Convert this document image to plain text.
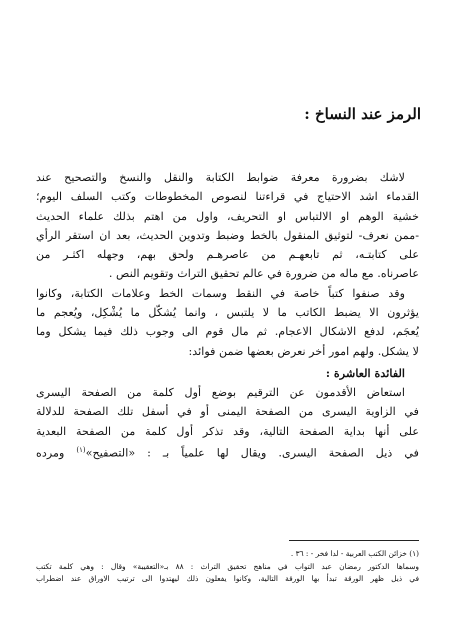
الرمز عند النساخ :
لاشك بضرورة معرفة ضوابط الكتابة والنقل والنسخ والتصحيح عند
القدماء اشد الاحتياج في قراءتنا لنصوص المخطوطات وكتب السلف اليوم؛
خشية الوهم او الالتباس او التحريف، واول من اهتم بذلك علماء الحديث
-ممن نعرف- لتوثيق المنقول بالخط وضبط وتدوين الحديث، بعد ان استقر الرأي
على كتابتـه، ثم تابعهـم من عاصرهـم ولحق بهم، وجهله اكثـر من
عاصرناه. مع ماله من ضرورة في عالم تحقيق التراث وتقويم النص .
وقد صنفوا كتباً خاصة في النقط وسمات الخط وعلامات الكتابة، وكانوا
يؤثرون الا يضبط الكاتب ما لا يلتبس ، وانما يُشكّل ما يُشْكِل، ويُعجم ما
يُعجَم، لدفع الاشكال الاعجام. ثم مال قوم الى وجوب ذلك فيما يشكل وما
لا يشكل. ولهم امور أخر نعرض بعضها ضمن فوائد:
الفائدة العاشرة :
استعاض الأقدمون عن الترقيم بوضع أول كلمة من الصفحة اليسرى
في الزاوية اليسرى من الصفحة اليمنى أو في أسفل تلك الصفحة للدلالة
على أنها بداية الصفحة التالية، وقد تذكر أول كلمة من الصفحة البعدية
في ذيل الصفحة اليسرى. ويقال لها علمياً بـ : «التصفيح»$^{(١)}$ ومرده
(١) خزائن الكتب العربية - لدا فخر - : ٣٦ .
وسماها الدكتور رمضان عبد التواب في مناهج تحقيق التراث : ٨٨ بـ«التعقيبة» وقال : وهي كلمة تكتب
في ذيل ظهر الورقة تبدأ بها الورقة التالية، وكانوا يفعلون ذلك ليهتدوا الى ترتيب الاوراق عند اضطراب
